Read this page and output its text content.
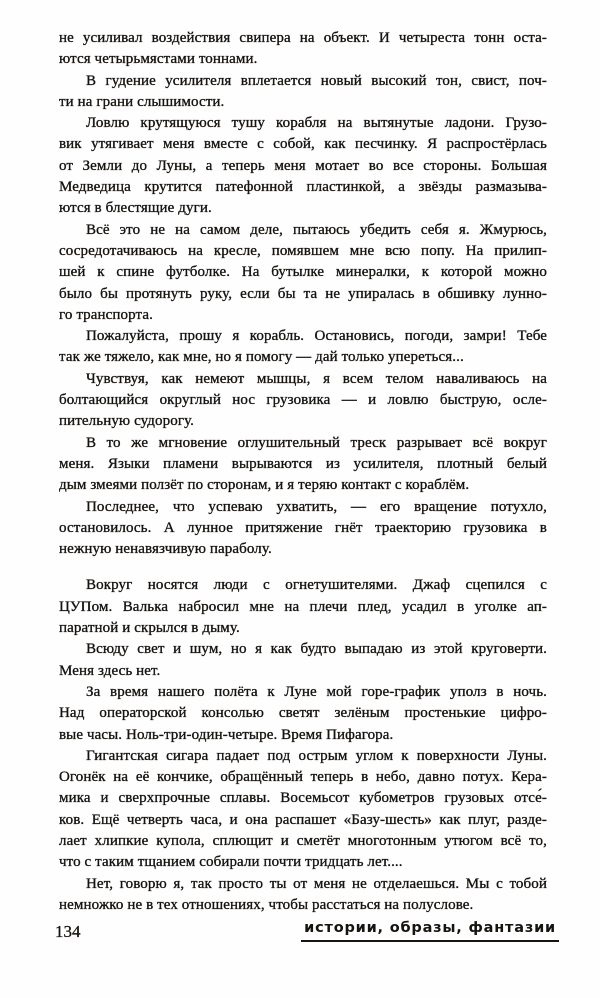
не усиливал воздействия свипера на объект. И четыреста тонн оста-
ются четырьмястами тоннами.
В гудение усилителя вплетается новый высокий тон, свист, поч-
ти на грани слышимости.
Ловлю крутящуюся тушу корабля на вытянутые ладони. Грузо-
вик утягивает меня вместе с собой, как песчинку. Я распростёрлась
от Земли до Луны, а теперь меня мотает во все стороны. Большая
Медведица крутится патефонной пластинкой, а звёзды размазыва-
ются в блестящие дуги.
Всё это не на самом деле, пытаюсь убедить себя я. Жмурюсь,
сосредотачиваюсь на кресле, помявшем мне всю попу. На прилип-
шей к спине футболке. На бутылке минералки, к которой можно
было бы протянуть руку, если бы та не упиралась в обшивку лунно-
го транспорта.
Пожалуйста, прошу я корабль. Остановись, погоди, замри! Тебе
так же тяжело, как мне, но я помогу — дай только упереться...
Чувствуя, как немеют мышцы, я всем телом наваливаюсь на
болтающийся округлый нос грузовика — и ловлю быструю, осле-
пительную судорогу.
В то же мгновение оглушительный треск разрывает всё вокруг
меня. Языки пламени вырываются из усилителя, плотный белый
дым змеями ползёт по сторонам, и я теряю контакт с кораблём.
Последнее, что успеваю ухватить, — его вращение потухло,
остановилось. А лунное притяжение гнёт траекторию грузовика в
нежную ненавязчивую параболу.
Вокруг носятся люди с огнетушителями. Джаф сцепился с
ЦУПом. Валька набросил мне на плечи плед, усадил в уголке ап-
паратной и скрылся в дыму.
Всюду свет и шум, но я как будто выпадаю из этой круговерти.
Меня здесь нет.
За время нашего полёта к Луне мой горе-график уполз в ночь.
Над операторской консолью светят зелёным простенькие цифро-
вые часы. Ноль-три-один-четыре. Время Пифагора.
Гигантская сигара падает под острым углом к поверхности Луны.
Огонёк на её кончике, обращённый теперь в небо, давно потух. Кера-
мика и сверхпрочные сплавы. Восемьсот кубометров грузовых отсе́-
ков. Ещё четверть часа, и она распашет «Базу-шесть» как плуг, разде-
лает хлипкие купола, сплющит и сметёт многотонным утюгом всё то,
что с таким тщанием собирали почти тридцать лет....
Нет, говорю я, так просто ты от меня не отделаешься. Мы с тобой
немножко не в тех отношениях, чтобы расстаться на полуслове.
134	истории, образы, фантазии
